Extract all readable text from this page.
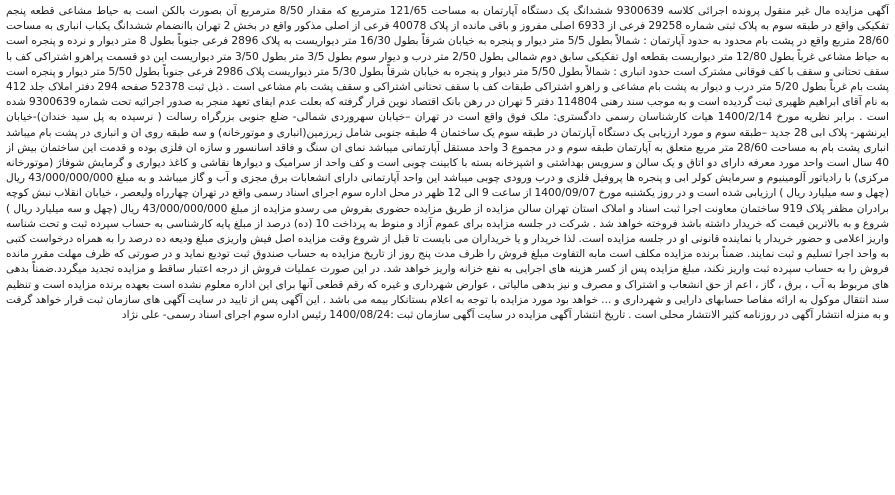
آگهی مزایده مال غیر منقول پرونده اجرائی کلاسه 9300639 ششدانگ یک دستگاه آپارتمان به مساحت 121/65 مترمربع که مقدار 8/50 مترمربع آن بصورت بالکن است به حیاط مشاعی قطعه پنجم تفکیکی واقع در طبقه سوم به پلاک ثبتی شماره 29258 فرعی از 6933 اصلی مفروز و باقی مانده از پلاک 40078 فرعی از اصلی مذکور واقع در بخش 2 تهران باانضمام ششدانگ یکباب انباری به مساحت 28/60 متربع واقع در پشت بام محدود به حدود آپارتمان : شمالاً بطول 5/5 متر دیوار و پنجره به خیابان شرقاً بطول 16/30 متر دیواریست به پلاک 2896 فرعی جنوباً بطول 8 متر دیوار و نرده و پنجره است به حیاط مشاعی غرباً بطول 12/80 متر دیواریست بقطعه اول تفکیکی سابق دوم شمالی بطول 2/50 متر درب و دیوار سوم بطول 3/5 متر بطول 3/50 متر دیواریست این دو قسمت پراهرو اشتراکی کف با سقف تحتانی و سقف با کف فوقانی مشترک است حدود انباری : شمالاً بطول 5/50 متر دیوار و پنجره به خیابان شرقاً بطول 5/30 متر دیواریست پلاک 2986 فرعی جنوباً بطول 5/50 متر دیوار و پنجره است پشت بام غرباً بطول 5/20 متر درب و دیوار به پشت بام مشاعی و راهرو اشتراکی طبقات کف با سقف تحتانی اشتراکی و سقف پشت بام مشاعی است . ذیل ثبت 52378 صفحه 294 دفتر املاک جلد 412 به نام آقای ابراهیم ظهیری ثبت گردیده است و به موجب سند رهنی 114804 دفتر 5 تهران در رهن بانک اقتصاد نوین قرار گرفته که بعلت عدم ایفای تعهد منجر به صدور اجرائیه تحت شماره 9300639 شده است . برابر نظریه مورخ 1400/2/14 هیات کارشناسان رسمی دادگستری: ملک فوق واقع است در تهران –خیابان سهروردی شمالی- ضلع جنوبی بزرگراه رسالت ( نرسیده به پل سید خندان)-خیابان ایرنشهر- پلاک ابی 28 جدید –طبقه سوم و مورد ارزیابی یک دستگاه آپارتمان در طبقه سوم یک ساختمان 4 طبقه جنوبی شامل زیرزمین(انباری و موتورخانه) و سه طبقه روی ان و انباری در پشت بام میباشد انباری پشت بام به مساحت 28/60 متر مربع متعلق به آپارتمان طبقه سوم و در مجموع 3 واحد مستقل آپارتمانی میباشد نمای ان سنگ و فاقد اسانسور و سازه ان فلزی بوده و قدمت این ساختمان بیش از 40 سال است واحد مورد معرفه دارای دو اتاق و یک سالن و سرویس بهداشتی و اشپزخانه بسته با کابینت چوبی است و کف واحد از سرامیک و دیوارها نقاشی و کاغذ دیواری و گرمایش شوفاژ (موتورخانه مرکزی) با رادیاتور آلومینیوم و سرمایش کولر ابی و پنجره ها پروفیل فلزی و درب ورودی چوبی میباشد این واحد آپارتمانی دارای انشعابات برق مجزی و آب و گاز میباشد و به مبلغ 43/000/000/000 ریال (چهل و سه میلیارد ریال ) ارزیابی شده است و در روز یکشنبه مورخ 1400/09/07 از ساعت 9 الی 12 ظهر در محل اداره سوم اجرای اسناد رسمی واقع در تهران چهارراه ولیعصر ، خیابان انقلاب نبش کوچه برادران مظفر پلاک 919 ساختمان معاونت اجرا ثبت اسناد و املاک استان تهران سالن مزایده از طریق مزایده حضوری بفروش می رسدو مزایده از مبلغ 43/000/000/000 ریال (چهل و سه میلیارد ریال ) شروع و به بالاترین قیمت که خریدار داشته باشد فروخته خواهد شد . شرکت در جلسه مزایده برای عموم آزاد و منوط به پرداخت 10 (ده) درصد از مبلغ پایه کارشناسی به حساب سپرده ثبت و تحت شناسه واریز اعلامی و حضور خریدار یا نماینده قانونی او در جلسه مزایده است. لذا خریدار و یا خریداران می بایست تا قبل از شروع وقت مزایده اصل فیش واریزی مبلغ ودیعه ده درصد را به همراه درخواست کتبی به واحد اجرا تسلیم و ثبت نمایند. ضمناً برنده مزایده مکلف است مابه التفاوت مبلغ فروش را ظرف مدت پنج روز از تاریخ مزایده به حساب صندوق ثبت تودیع نماید و در صورتی که ظرف مهلت مقرر مانده فروش را به حساب سپرده ثبت واریز نکند، مبلغ مزایده پس از کسر هزینه های اجرایی به نفع خزانه واریز خواهد شد. در این صورت عملیات فروش از درجه اعتبار ساقط و مزایده تجدید میگردد.ضمناً بدهی های مربوط به آب ، برق ، گاز ، اعم از حق انشعاب و اشتراک و مصرف و نیز بدهی مالیاتی ، عوارض شهرداری و غیره که رقم قطعی آنها برای این اداره معلوم نشده است بعهده برنده مزایده است و تنظیم سند انتقال موکول به ارائه مفاصا حسابهای دارایی و شهرداری و ... خواهد بود مورد مزایده با توجه به اعلام بستانکار بیمه می باشد . این آگهی پس از تایید در سایت آگهی های سازمان ثبت قرار خواهد گرفت و به منزله انتشار آگهی در روزنامه کثیر الانتشار محلی است . تاریخ انتشار آگهی مزایده در سایت آگهی سازمان ثبت :1400/08/24 رئیس اداره سوم اجرای اسناد رسمی- علی نژاد
